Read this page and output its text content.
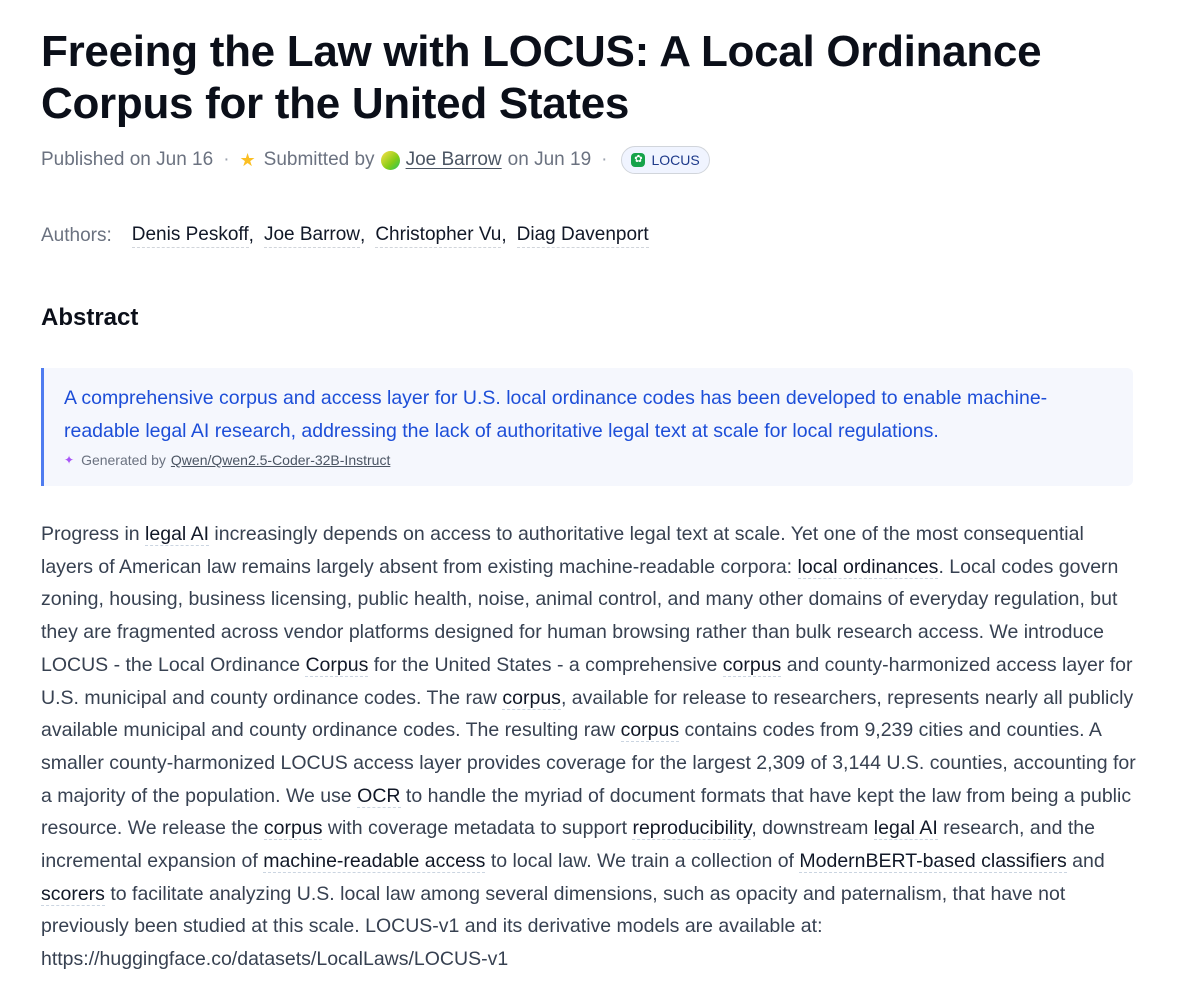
Freeing the Law with LOCUS: A Local Ordinance Corpus for the United States
Published on Jun 16 · ★ Submitted by Joe Barrow on Jun 19 ·	✿ LOCUS
Authors: Denis Peskoff , Joe Barrow , Christopher Vu , Diag Davenport
Abstract

A comprehensive corpus and access layer for U.S. local ordinance codes has been developed to enable machine-readable legal AI research, addressing the lack of authoritative legal text at scale for local regulations.

✦ Generated by Qwen/Qwen2.5-Coder-32B-Instruct

Progress in legal AI increasingly depends on access to authoritative legal text at scale. Yet one of the most consequential layers of American law remains largely absent from existing machine-readable corpora: local ordinances. Local codes govern zoning, housing, business licensing, public health, noise, animal control, and many other domains of everyday regulation, but they are fragmented across vendor platforms designed for human browsing rather than bulk research access. We introduce LOCUS - the Local Ordinance Corpus for the United States - a comprehensive corpus and county-harmonized access layer for U.S. municipal and county ordinance codes. The raw corpus, available for release to researchers, represents nearly all publicly available municipal and county ordinance codes. The resulting raw corpus contains codes from 9,239 cities and counties. A smaller county-harmonized LOCUS access layer provides coverage for the largest 2,309 of 3,144 U.S. counties, accounting for a majority of the population. We use OCR to handle the myriad of document formats that have kept the law from being a public resource. We release the corpus with coverage metadata to support reproducibility, downstream legal AI research, and the incremental expansion of machine-readable access to local law. We train a collection of ModernBERT-based classifiers and scorers to facilitate analyzing U.S. local law among several dimensions, such as opacity and paternalism, that have not previously been studied at this scale. LOCUS-v1 and its derivative models are available at: https://huggingface.co/datasets/LocalLaws/LOCUS-v1
